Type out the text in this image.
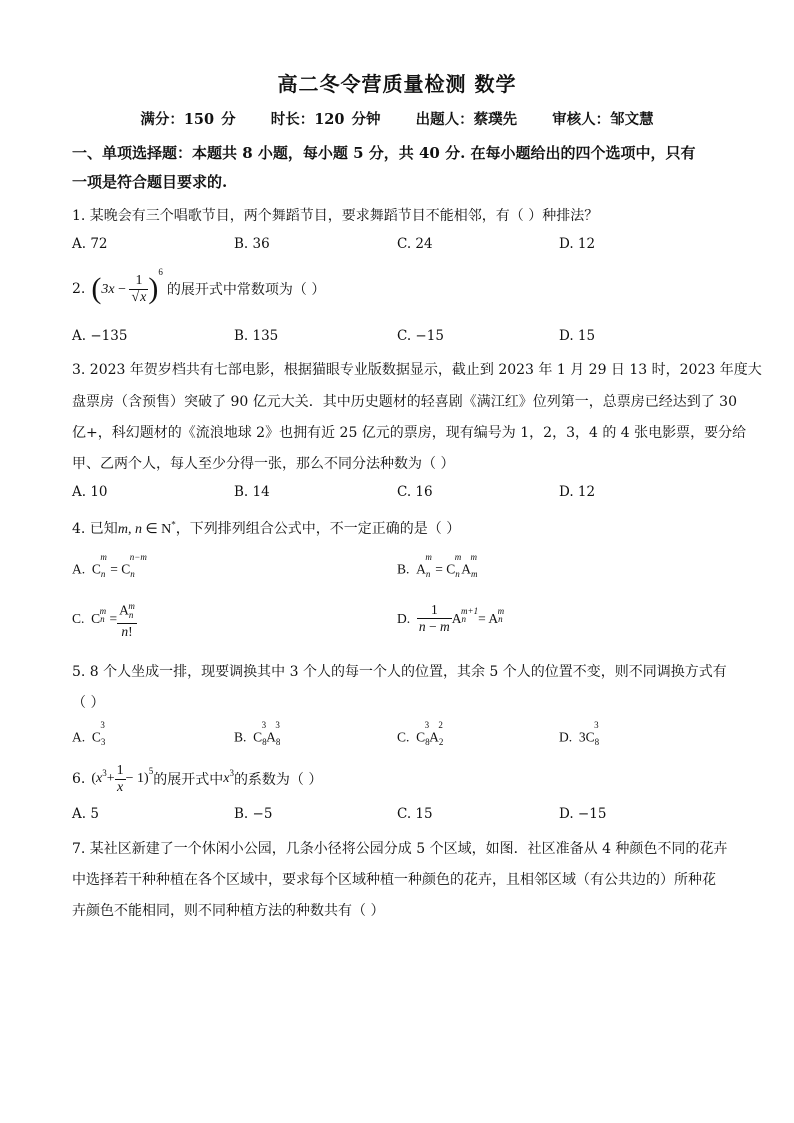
高二冬令营质量检测 数学
满分：150 分 时长：120 分钟 出题人：蔡璞先 审核人：邹文慧
一、单项选择题：本题共 8 小题，每小题 5 分，共 40 分. 在每小题给出的四个选项中，只有
一项是符合题目要求的.
1. 某晚会有三个唱歌节目，两个舞蹈节目，要求舞蹈节目不能相邻，有（ ）种排法？
A. 72	B. 36	C. 24	D. 12
2. $(3x - \frac{1}{√x} )^6$
的展开式中常数项为（ ）
A. −135	B. 135	C. −15	D. 15
3. 2023 年贺岁档共有七部电影，根据猫眼专业版数据显示，截止到 2023 年 1 月 29 日 13 时，2023 年度大
盘票房（含预售）突破了 90 亿元大关．其中历史题材的轻喜剧《满江红》位列第一，总票房已经达到了 30
亿+，科幻题材的《流浪地球 2》也拥有近 25 亿元的票房，现有编号为 1，2，3，4 的 4 张电影票，要分给
甲、乙两个人，每人至少分得一张，那么不同分法种数为（ ）
A. 10	B. 14	C. 16	D. 12
4. 已知m, n ∈ N*，下列排列组合公式中，不一定正确的是（ ）
A.  $C_n^m = C_n^{n-m}$
B.  $A_n^m = C_n^mA_m^m$
C.  C n
$^m = \frac{A_n^m}{n!}$	D. $\frac{1}{n - m}$ A n
$^{m+1}$ = A n
$^m$
5. 8 个人坐成一排，现要调换其中 3 个人的每一个人的位置，其余 5 个人的位置不变，则不同调换方式有
（ ）
A.  $C_3^3$
B.  $C_8^3A_8^3$
C.  $C_8^3A_2^2$
D.  $3C_8^3$
6. ( $x^3 + \frac{1}{x} - 1)^5$
的展开式中 $x^3$ 的系数为（ ）
A. 5	B. −5	C. 15	D. −15
7. 某社区新建了一个休闲小公园，几条小径将公园分成 5 个区域，如图．社区准备从 4 种颜色不同的花卉
中选择若干种种植在各个区域中，要求每个区域种植一种颜色的花卉，且相邻区域（有公共边的）所种花
卉颜色不能相同，则不同种植方法的种数共有（ ）
